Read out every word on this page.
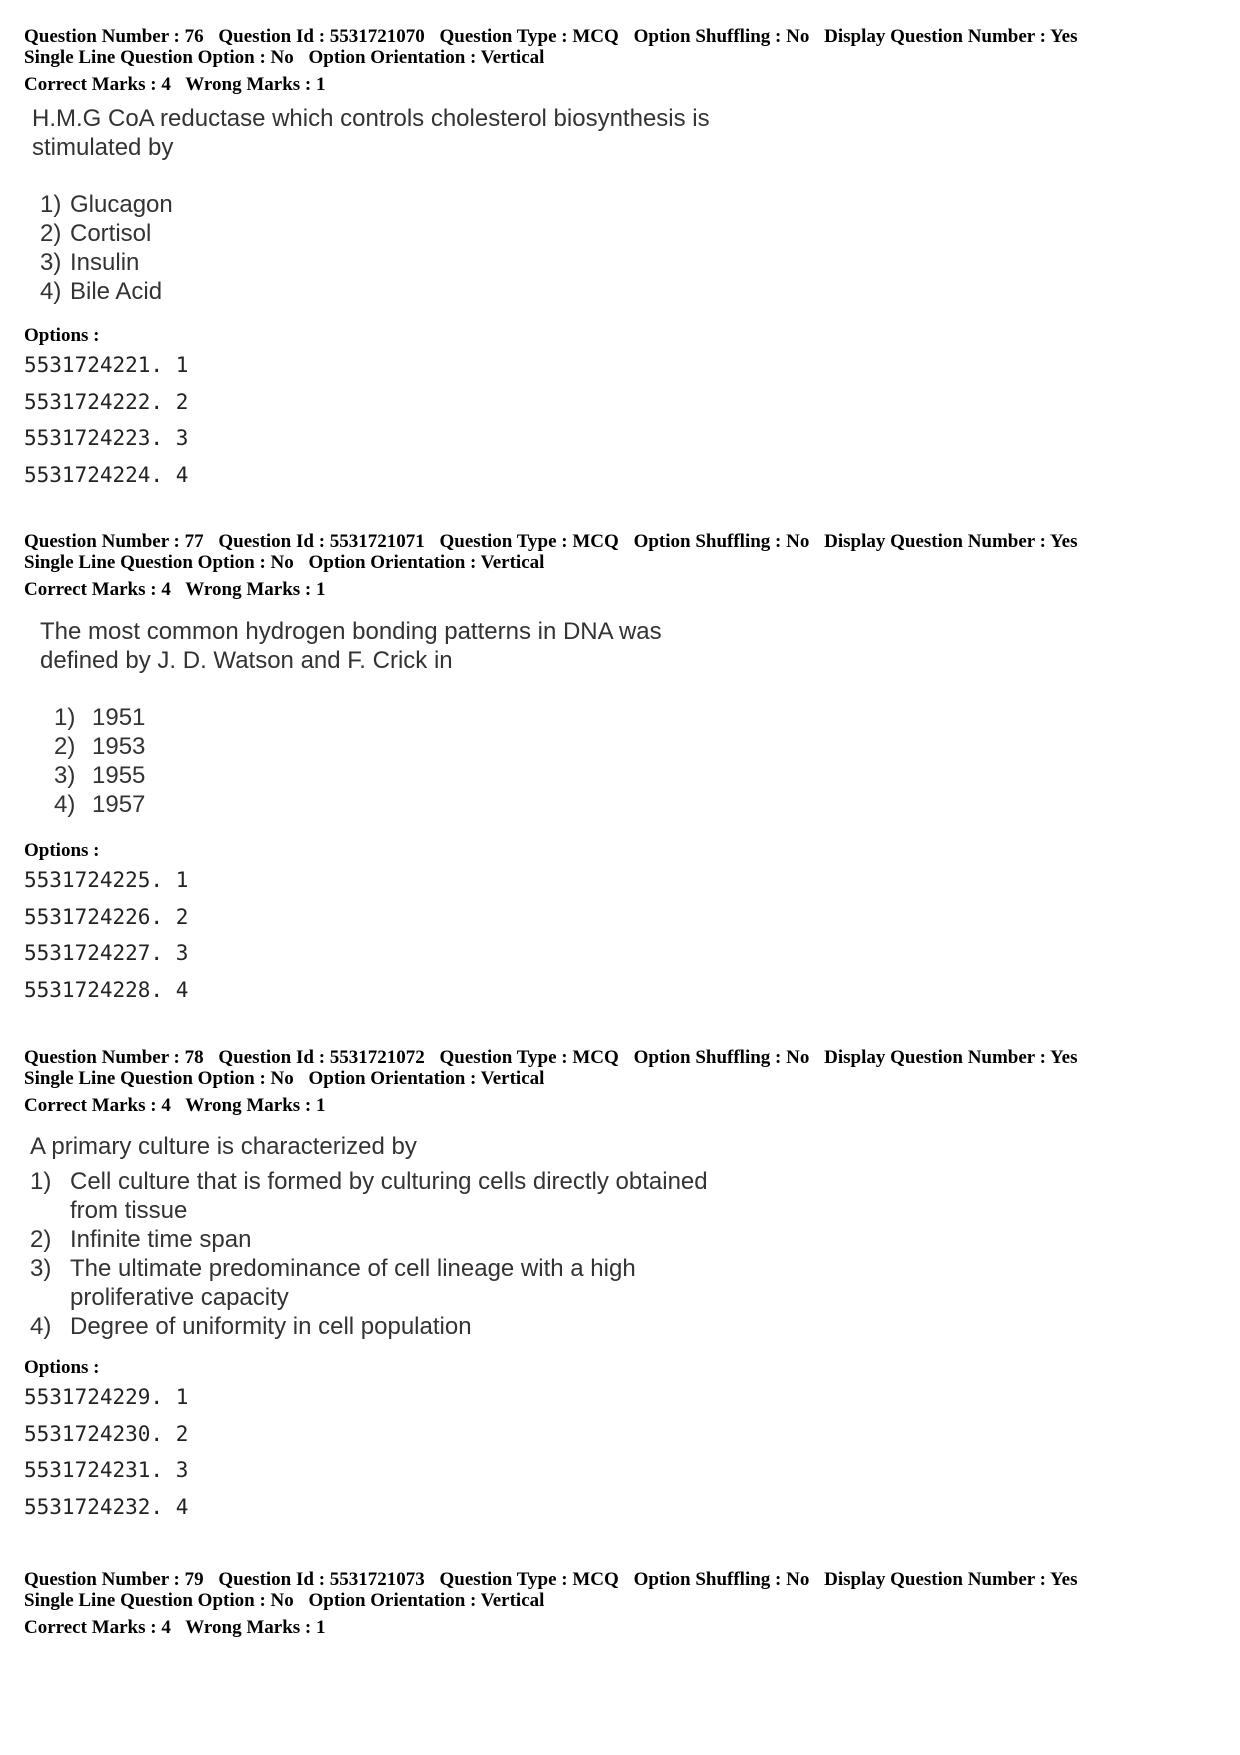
Question Number : 76 Question Id : 5531721070 Question Type : MCQ Option Shuffling : No Display Question Number : Yes
Single Line Question Option : No Option Orientation : Vertical
Correct Marks : 4 Wrong Marks : 1

H.M.G CoA reductase which controls cholesterol biosynthesis is
stimulated by

1) Glucagon
2) Cortisol
3) Insulin
4) Bile Acid
Options :
5531724221. 1
5531724222. 2
5531724223. 3
5531724224. 4
Question Number : 77 Question Id : 5531721071 Question Type : MCQ Option Shuffling : No Display Question Number : Yes
Single Line Question Option : No Option Orientation : Vertical
Correct Marks : 4 Wrong Marks : 1

The most common hydrogen bonding patterns in DNA was
defined by J. D. Watson and F. Crick in

1) 1951
2) 1953
3) 1955
4) 1957
Options :
5531724225. 1
5531724226. 2
5531724227. 3
5531724228. 4
Question Number : 78 Question Id : 5531721072 Question Type : MCQ Option Shuffling : No Display Question Number : Yes
Single Line Question Option : No Option Orientation : Vertical
Correct Marks : 4 Wrong Marks : 1

A primary culture is characterized by

1) Cell culture that is formed by culturing cells directly obtained
from tissue
2) Infinite time span
3) The ultimate predominance of cell lineage with a high
proliferative capacity
4) Degree of uniformity in cell population
Options :
5531724229. 1
5531724230. 2
5531724231. 3
5531724232. 4
Question Number : 79 Question Id : 5531721073 Question Type : MCQ Option Shuffling : No Display Question Number : Yes
Single Line Question Option : No Option Orientation : Vertical
Correct Marks : 4 Wrong Marks : 1
